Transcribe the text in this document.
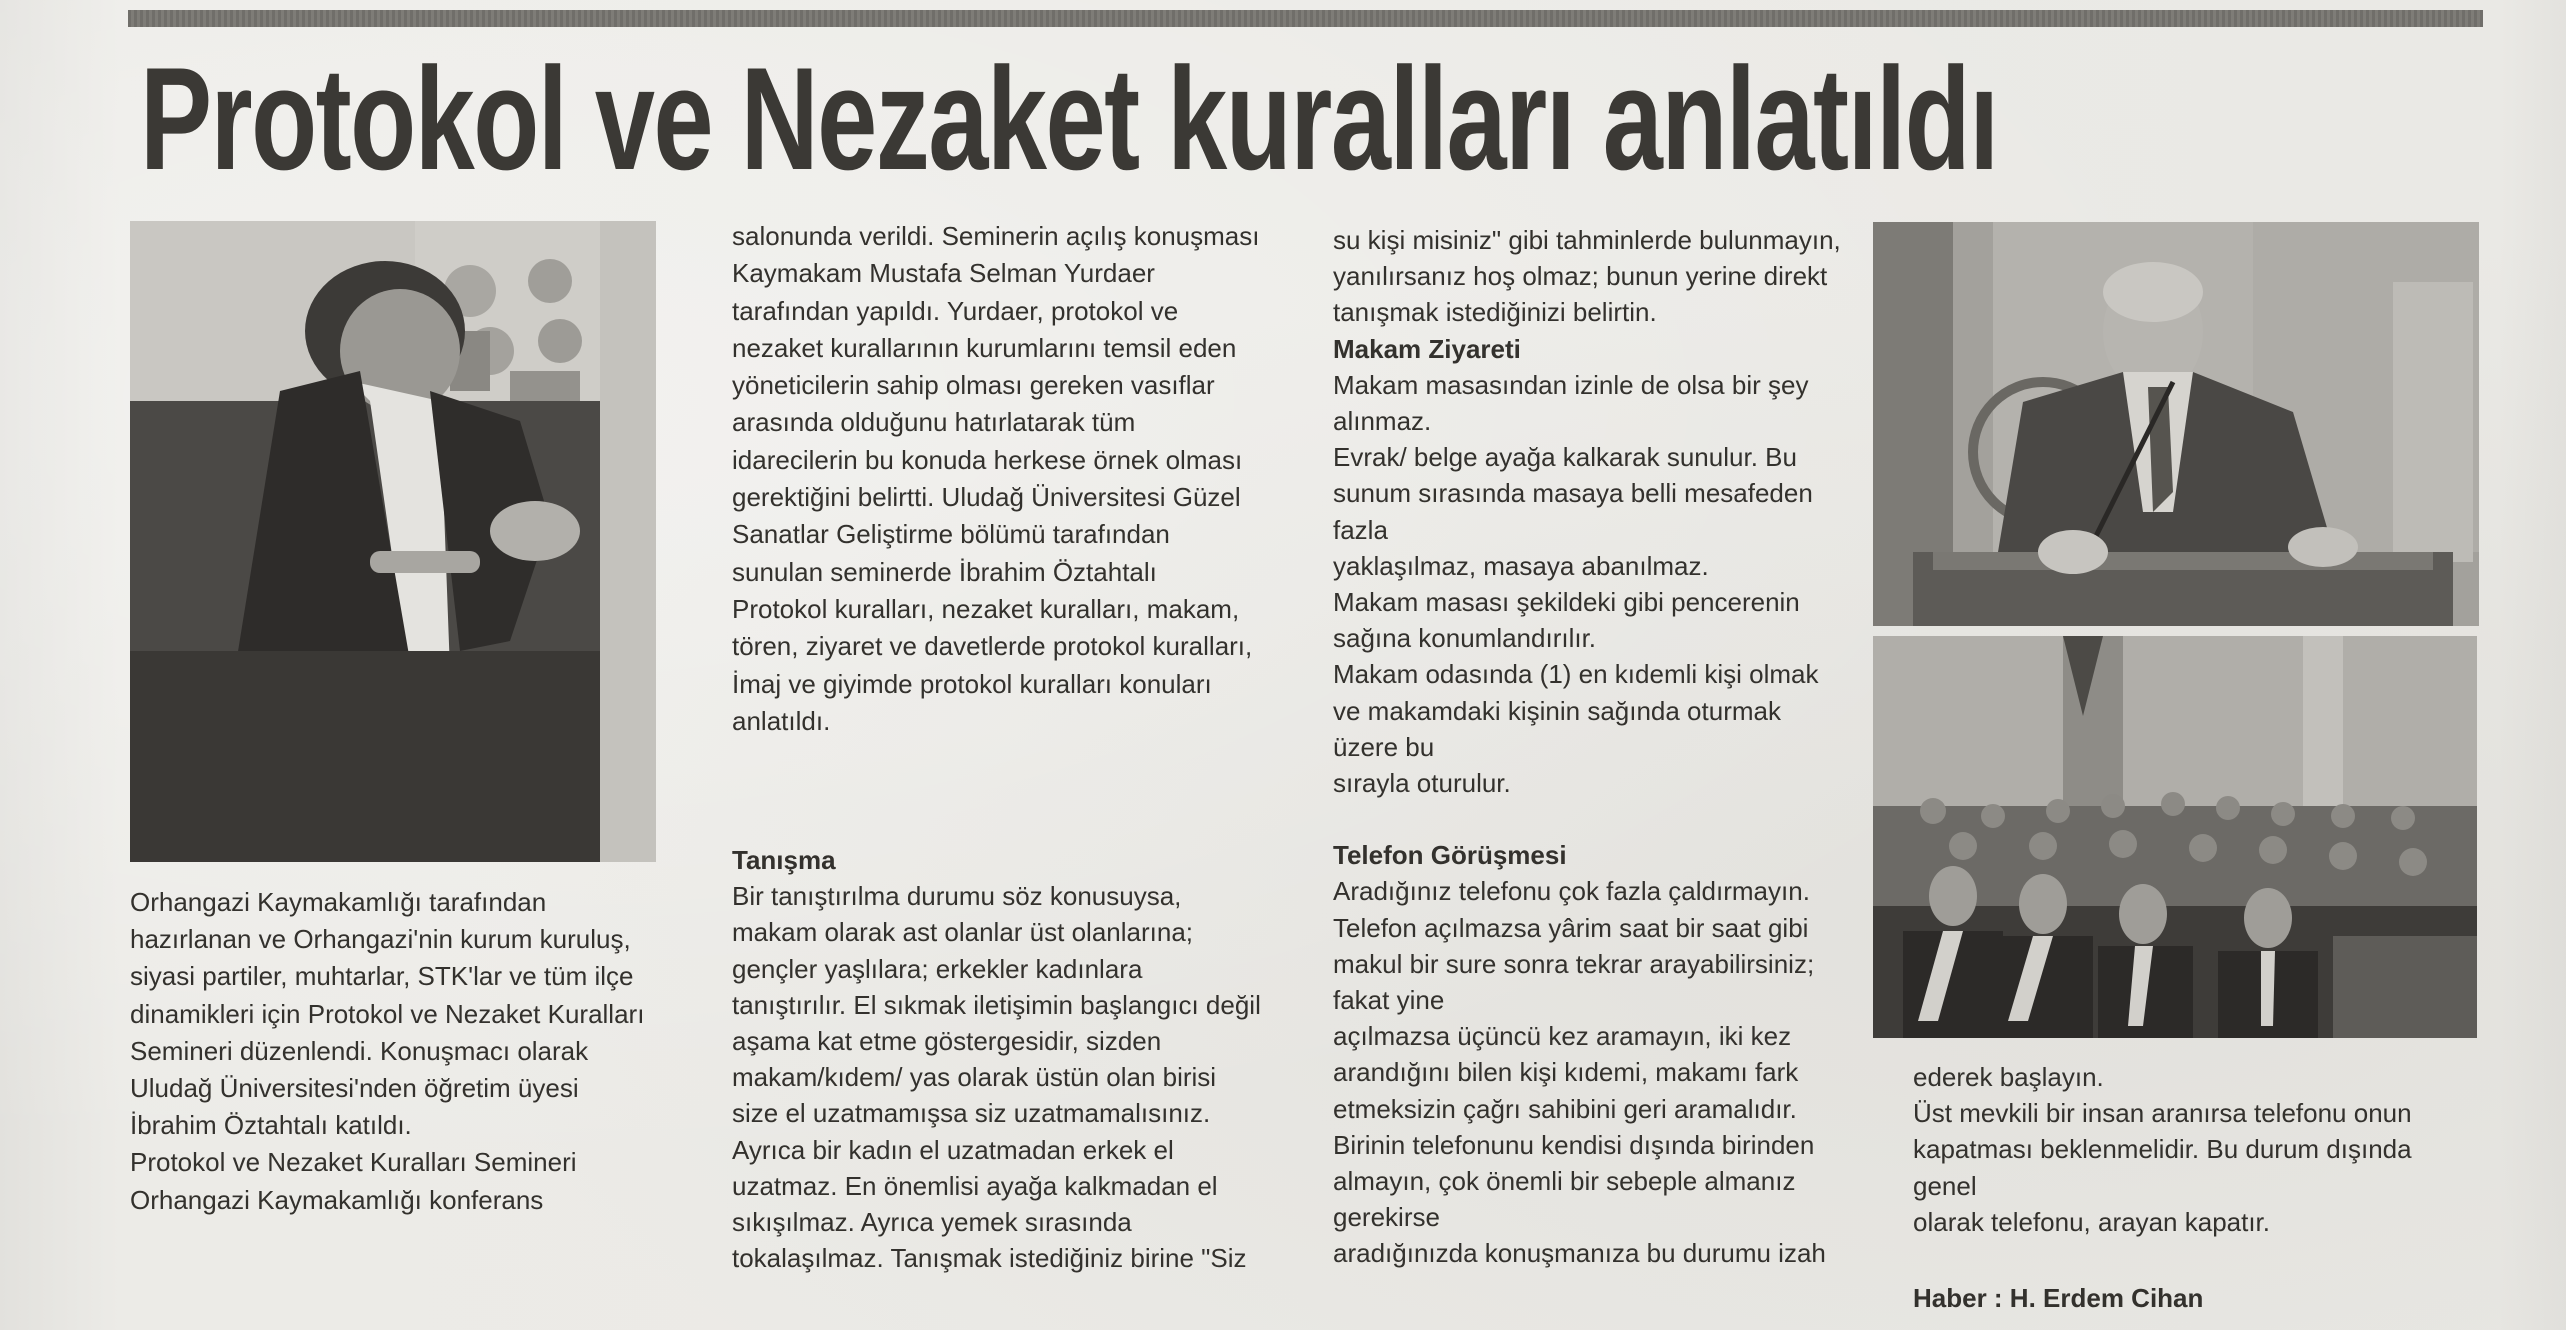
Protokol ve Nezaket kuralları anlatıldı
Orhangazi Kaymakamlığı tarafından
hazırlanan ve Orhangazi'nin kurum kuruluş,
siyasi partiler, muhtarlar, STK'lar ve tüm ilçe
dinamikleri için Protokol ve Nezaket Kuralları
Semineri düzenlendi. Konuşmacı olarak
Uludağ Üniversitesi'nden öğretim üyesi
İbrahim Öztahtalı katıldı.
Protokol ve Nezaket Kuralları Semineri
Orhangazi Kaymakamlığı konferans
salonunda verildi. Seminerin açılış konuşması
Kaymakam Mustafa Selman Yurdaer
tarafından yapıldı. Yurdaer, protokol ve
nezaket kurallarının kurumlarını temsil eden
yöneticilerin sahip olması gereken vasıflar
arasında olduğunu hatırlatarak tüm
idarecilerin bu konuda herkese örnek olması
gerektiğini belirtti. Uludağ Üniversitesi Güzel
Sanatlar Geliştirme bölümü tarafından
sunulan seminerde İbrahim Öztahtalı
Protokol kuralları, nezaket kuralları, makam,
tören, ziyaret ve davetlerde protokol kuralları,
İmaj ve giyimde protokol kuralları konuları
anlatıldı.
Tanışma
Bir tanıştırılma durumu söz konusuysa,
makam olarak ast olanlar üst olanlarına;
gençler yaşlılara; erkekler kadınlara
tanıştırılır. El sıkmak iletişimin başlangıcı değil
aşama kat etme göstergesidir, sizden
makam/kıdem/ yas olarak üstün olan birisi
size el uzatmamışsa siz uzatmamalısınız.
Ayrıca bir kadın el uzatmadan erkek el
uzatmaz. En önemlisi ayağa kalkmadan el
sıkışılmaz. Ayrıca yemek sırasında
tokalaşılmaz. Tanışmak istediğiniz birine "Siz
su kişi misiniz" gibi tahminlerde bulunmayın,
yanılırsanız hoş olmaz; bunun yerine direkt
tanışmak istediğinizi belirtin.
Makam Ziyareti
Makam masasından izinle de olsa bir şey
alınmaz.
Evrak/ belge ayağa kalkarak sunulur. Bu
sunum sırasında masaya belli mesafeden
fazla
yaklaşılmaz, masaya abanılmaz.
Makam masası şekildeki gibi pencerenin
sağına konumlandırılır.
Makam odasında (1) en kıdemli kişi olmak
ve makamdaki kişinin sağında oturmak
üzere bu
sırayla oturulur.
Telefon Görüşmesi
Aradığınız telefonu çok fazla çaldırmayın.
Telefon açılmazsa yârim saat bir saat gibi
makul bir sure sonra tekrar arayabilirsiniz;
fakat yine
açılmazsa üçüncü kez aramayın, iki kez
arandığını bilen kişi kıdemi, makamı fark
etmeksizin çağrı sahibini geri aramalıdır.
Birinin telefonunu kendisi dışında birinden
almayın, çok önemli bir sebeple almanız
gerekirse
aradığınızda konuşmanıza bu durumu izah
ederek başlayın.
Üst mevkili bir insan aranırsa telefonu onun
kapatması beklenmelidir. Bu durum dışında
genel
olarak telefonu, arayan kapatır.
Haber : H. Erdem Cihan
